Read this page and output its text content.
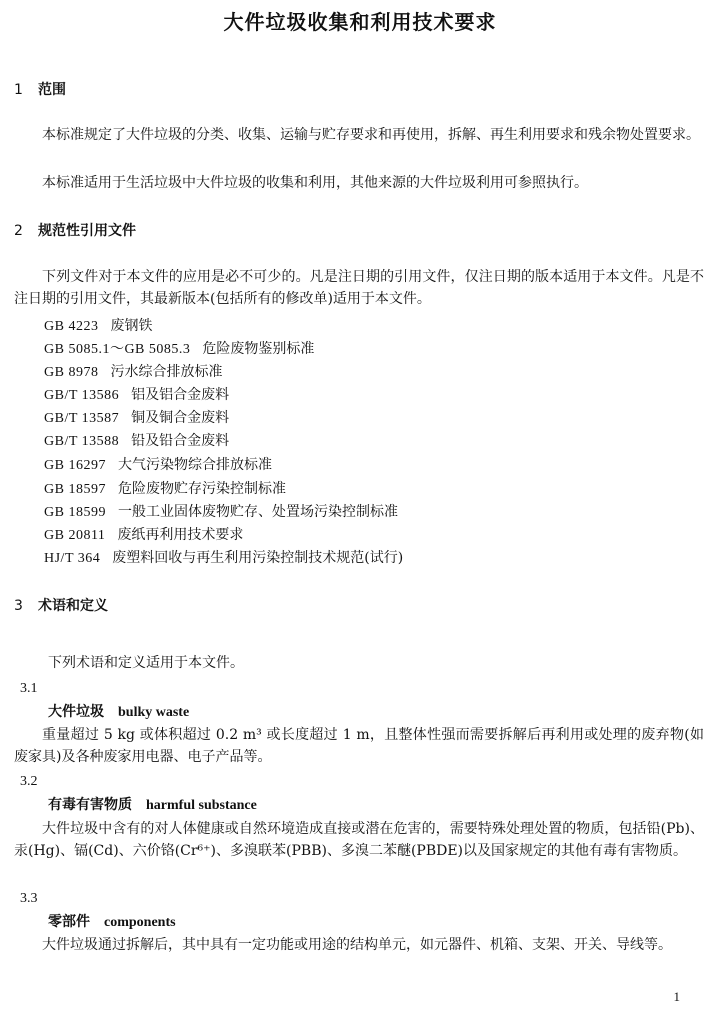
大件垃圾收集和利用技术要求
1 范围
本标准规定了大件垃圾的分类、收集、运输与贮存要求和再使用，拆解、再生利用要求和残余物处置要求。
本标准适用于生活垃圾中大件垃圾的收集和利用，其他来源的大件垃圾利用可参照执行。
2 规范性引用文件
下列文件对于本文件的应用是必不可少的。凡是注日期的引用文件，仅注日期的版本适用于本文件。凡是不注日期的引用文件，其最新版本(包括所有的修改单)适用于本文件。
GB 4223 废钢铁
GB 5085.1～GB 5085.3 危险废物鉴别标准
GB 8978 污水综合排放标准
GB/T 13586 铝及铝合金废料
GB/T 13587 铜及铜合金废料
GB/T 13588 铅及铅合金废料
GB 16297 大气污染物综合排放标准
GB 18597 危险废物贮存污染控制标准
GB 18599 一般工业固体废物贮存、处置场污染控制标准
GB 20811 废纸再利用技术要求
HJ/T 364 废塑料回收与再生利用污染控制技术规范(试行)
3 术语和定义
下列术语和定义适用于本文件。
3.1
大件垃圾 bulky waste
重量超过 5 kg 或体积超过 0.2 m³ 或长度超过 1 m，且整体性强而需要拆解后再利用或处理的废弃物(如废家具)及各种废家用电器、电子产品等。
3.2
有毒有害物质 harmful substance
大件垃圾中含有的对人体健康或自然环境造成直接或潜在危害的，需要特殊处理处置的物质，包括铅(Pb)、汞(Hg)、镉(Cd)、六价铬(Cr⁶⁺)、多溴联苯(PBB)、多溴二苯醚(PBDE)以及国家规定的其他有毒有害物质。
3.3
零部件 components
大件垃圾通过拆解后，其中具有一定功能或用途的结构单元，如元器件、机箱、支架、开关、导线等。
1
